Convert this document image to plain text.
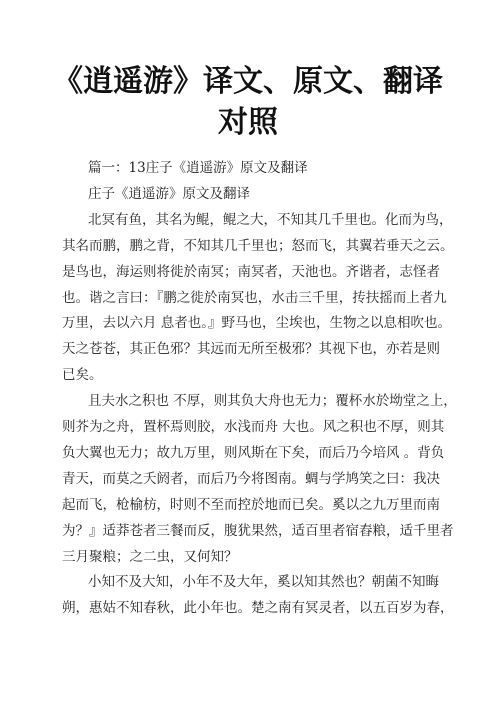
《逍遥游》译文、原文、翻译
对照
篇一：13庄子《逍遥游》原文及翻译
庄子《逍遥游》原文及翻译
北冥有鱼，其名为鲲，鲲之大，不知其几千里也。化而为鸟，
其名而鹏，鹏之背，不知其几千里也；怒而飞，其翼若垂天之云。
是鸟也，海运则将徙於南冥；南冥者，天池也。齐谐者，志怪者
也。谐之言曰：『鹏之徙於南冥也，水击三千里，抟扶摇而上者九
万里，去以六月 息者也。』野马也，尘埃也，生物之以息相吹也。
天之苍苍，其正色邪？其远而无所至极邪？其视下也，亦若是则
已矣。
且夫水之积也 不厚，则其负大舟也无力；覆杯水於坳堂之上，
则芥为之舟，置杯焉则胶，水浅而舟 大也。风之积也不厚，则其
负大翼也无力；故九万里，则风斯在下矣，而后乃今培风 。背负
青天，而莫之夭阏者，而后乃今将图南。蜩与学鸠笑之曰：我决
起而飞，枪榆枋，时则不至而控於地而已矣。奚以之九万里而南
为？』适莽苍者三餐而反，腹犹果然，适百里者宿舂粮，适千里者
三月聚粮；之二虫，又何知？
小知不及大知，小年不及大年，奚以知其然也？朝菌不知晦
朔，惠姑不知春秋，此小年也。楚之南有冥灵者，以五百岁为春，
